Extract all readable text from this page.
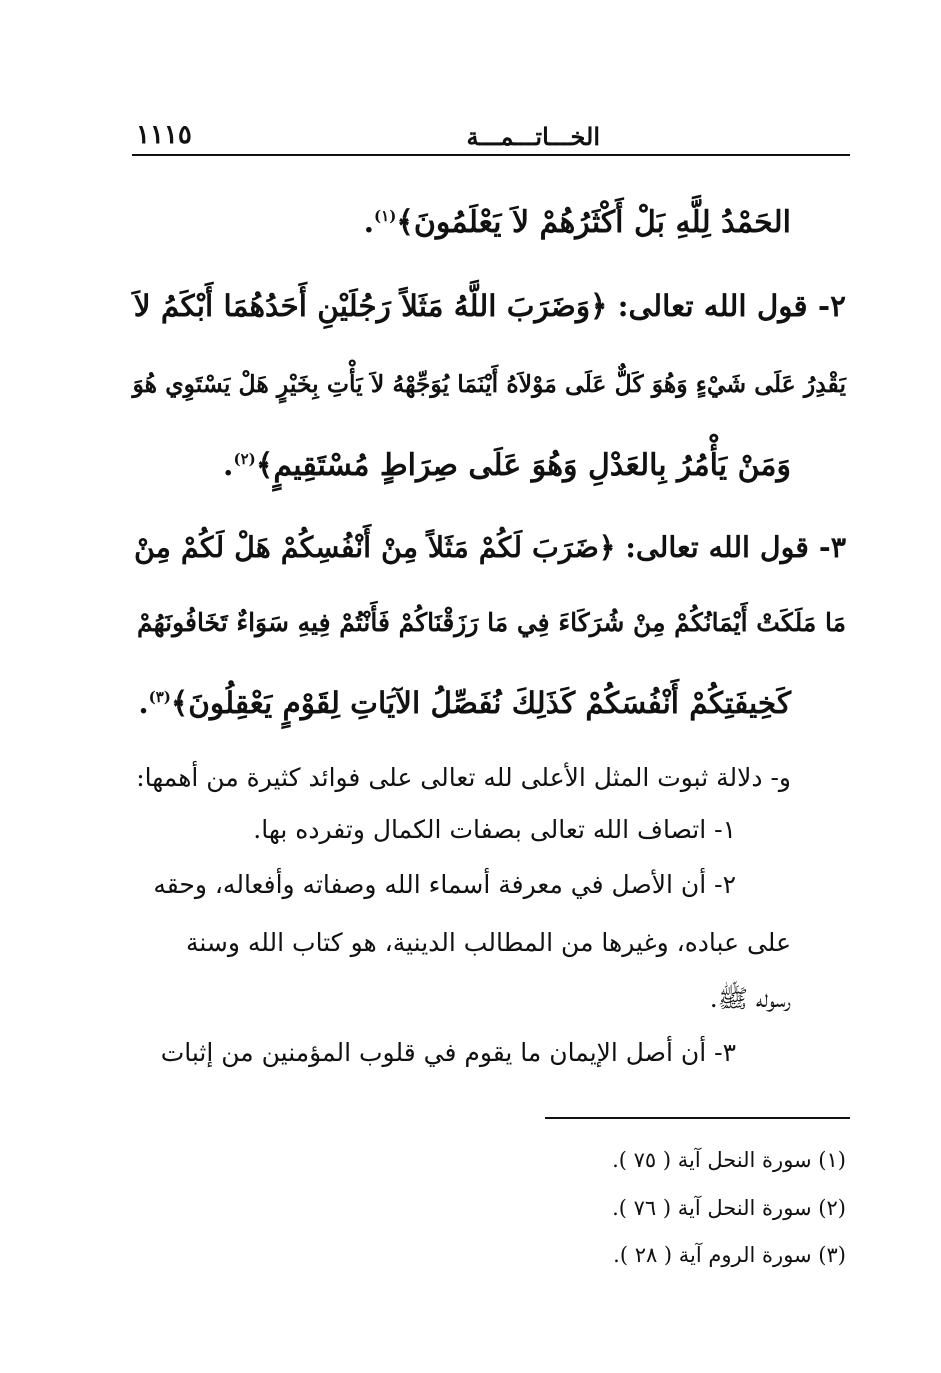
الخـــاتـــمـــة
١١١٥
الحَمْدُ لِلَّهِ بَلْ أَكْثَرُهُمْ لاَ يَعْلَمُونَ﴾$^{(١)}$.
٢- قول الله تعالى: ﴿وَضَرَبَ اللَّهُ مَثَلاً رَجُلَيْنِ أَحَدُهُمَا أَبْكَمُ لاَ
يَقْدِرُ عَلَى شَيْءٍ وَهُوَ كَلٌّ عَلَى مَوْلاَهُ أَيْنَمَا يُوَجِّهْهُ لاَ يَأْتِ بِخَيْرٍ هَلْ يَسْتَوِي هُوَ
وَمَنْ يَأْمُرُ بِالعَدْلِ وَهُوَ عَلَى صِرَاطٍ مُسْتَقِيمٍ﴾$^{(٢)}$.
٣- قول الله تعالى: ﴿ضَرَبَ لَكُمْ مَثَلاً مِنْ أَنْفُسِكُمْ هَلْ لَكُمْ مِنْ
مَا مَلَكَتْ أَيْمَانُكُمْ مِنْ شُرَكَاءَ فِي مَا رَزَقْنَاكُمْ فَأَنْتُمْ فِيهِ سَوَاءٌ تَخَافُونَهُمْ
كَخِيفَتِكُمْ أَنْفُسَكُمْ كَذَلِكَ نُفَصِّلُ الآيَاتِ لِقَوْمٍ يَعْقِلُونَ﴾$^{(٣)}$.
و- دلالة ثبوت المثل الأعلى لله تعالى على فوائد كثيرة من أهمها:
١- اتصاف الله تعالى بصفات الكمال وتفرده بها.
٢- أن الأصل في معرفة أسماء الله وصفاته وأفعاله، وحقه
على عباده، وغيرها من المطالب الدينية، هو كتاب الله وسنة
رسوله ﷺ.
٣- أن أصل الإيمان ما يقوم في قلوب المؤمنين من إثبات
(١) سورة النحل آية ( ٧٥ ).
(٢) سورة النحل آية ( ٧٦ ).
(٣) سورة الروم آية ( ٢٨ ).
